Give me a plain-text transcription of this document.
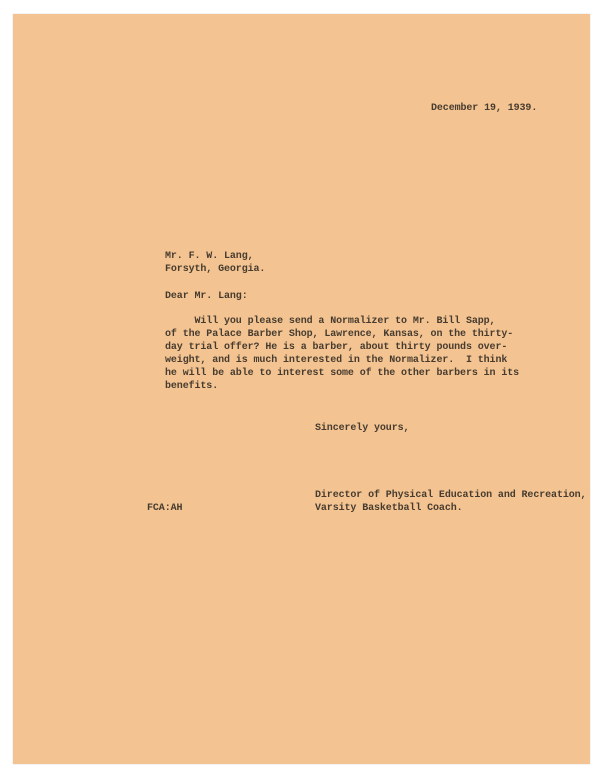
December 19, 1939.
Mr. F. W. Lang,
Forsyth, Georgia.
Dear Mr. Lang:
Will you please send a Normalizer to Mr. Bill Sapp,
of the Palace Barber Shop, Lawrence, Kansas, on the thirty-
day trial offer? He is a barber, about thirty pounds over-
weight, and is much interested in the Normalizer.  I think
he will be able to interest some of the other barbers in its
benefits.
Sincerely yours,
Director of Physical Education and Recreation,
FCA:AH	Varsity Basketball Coach.
